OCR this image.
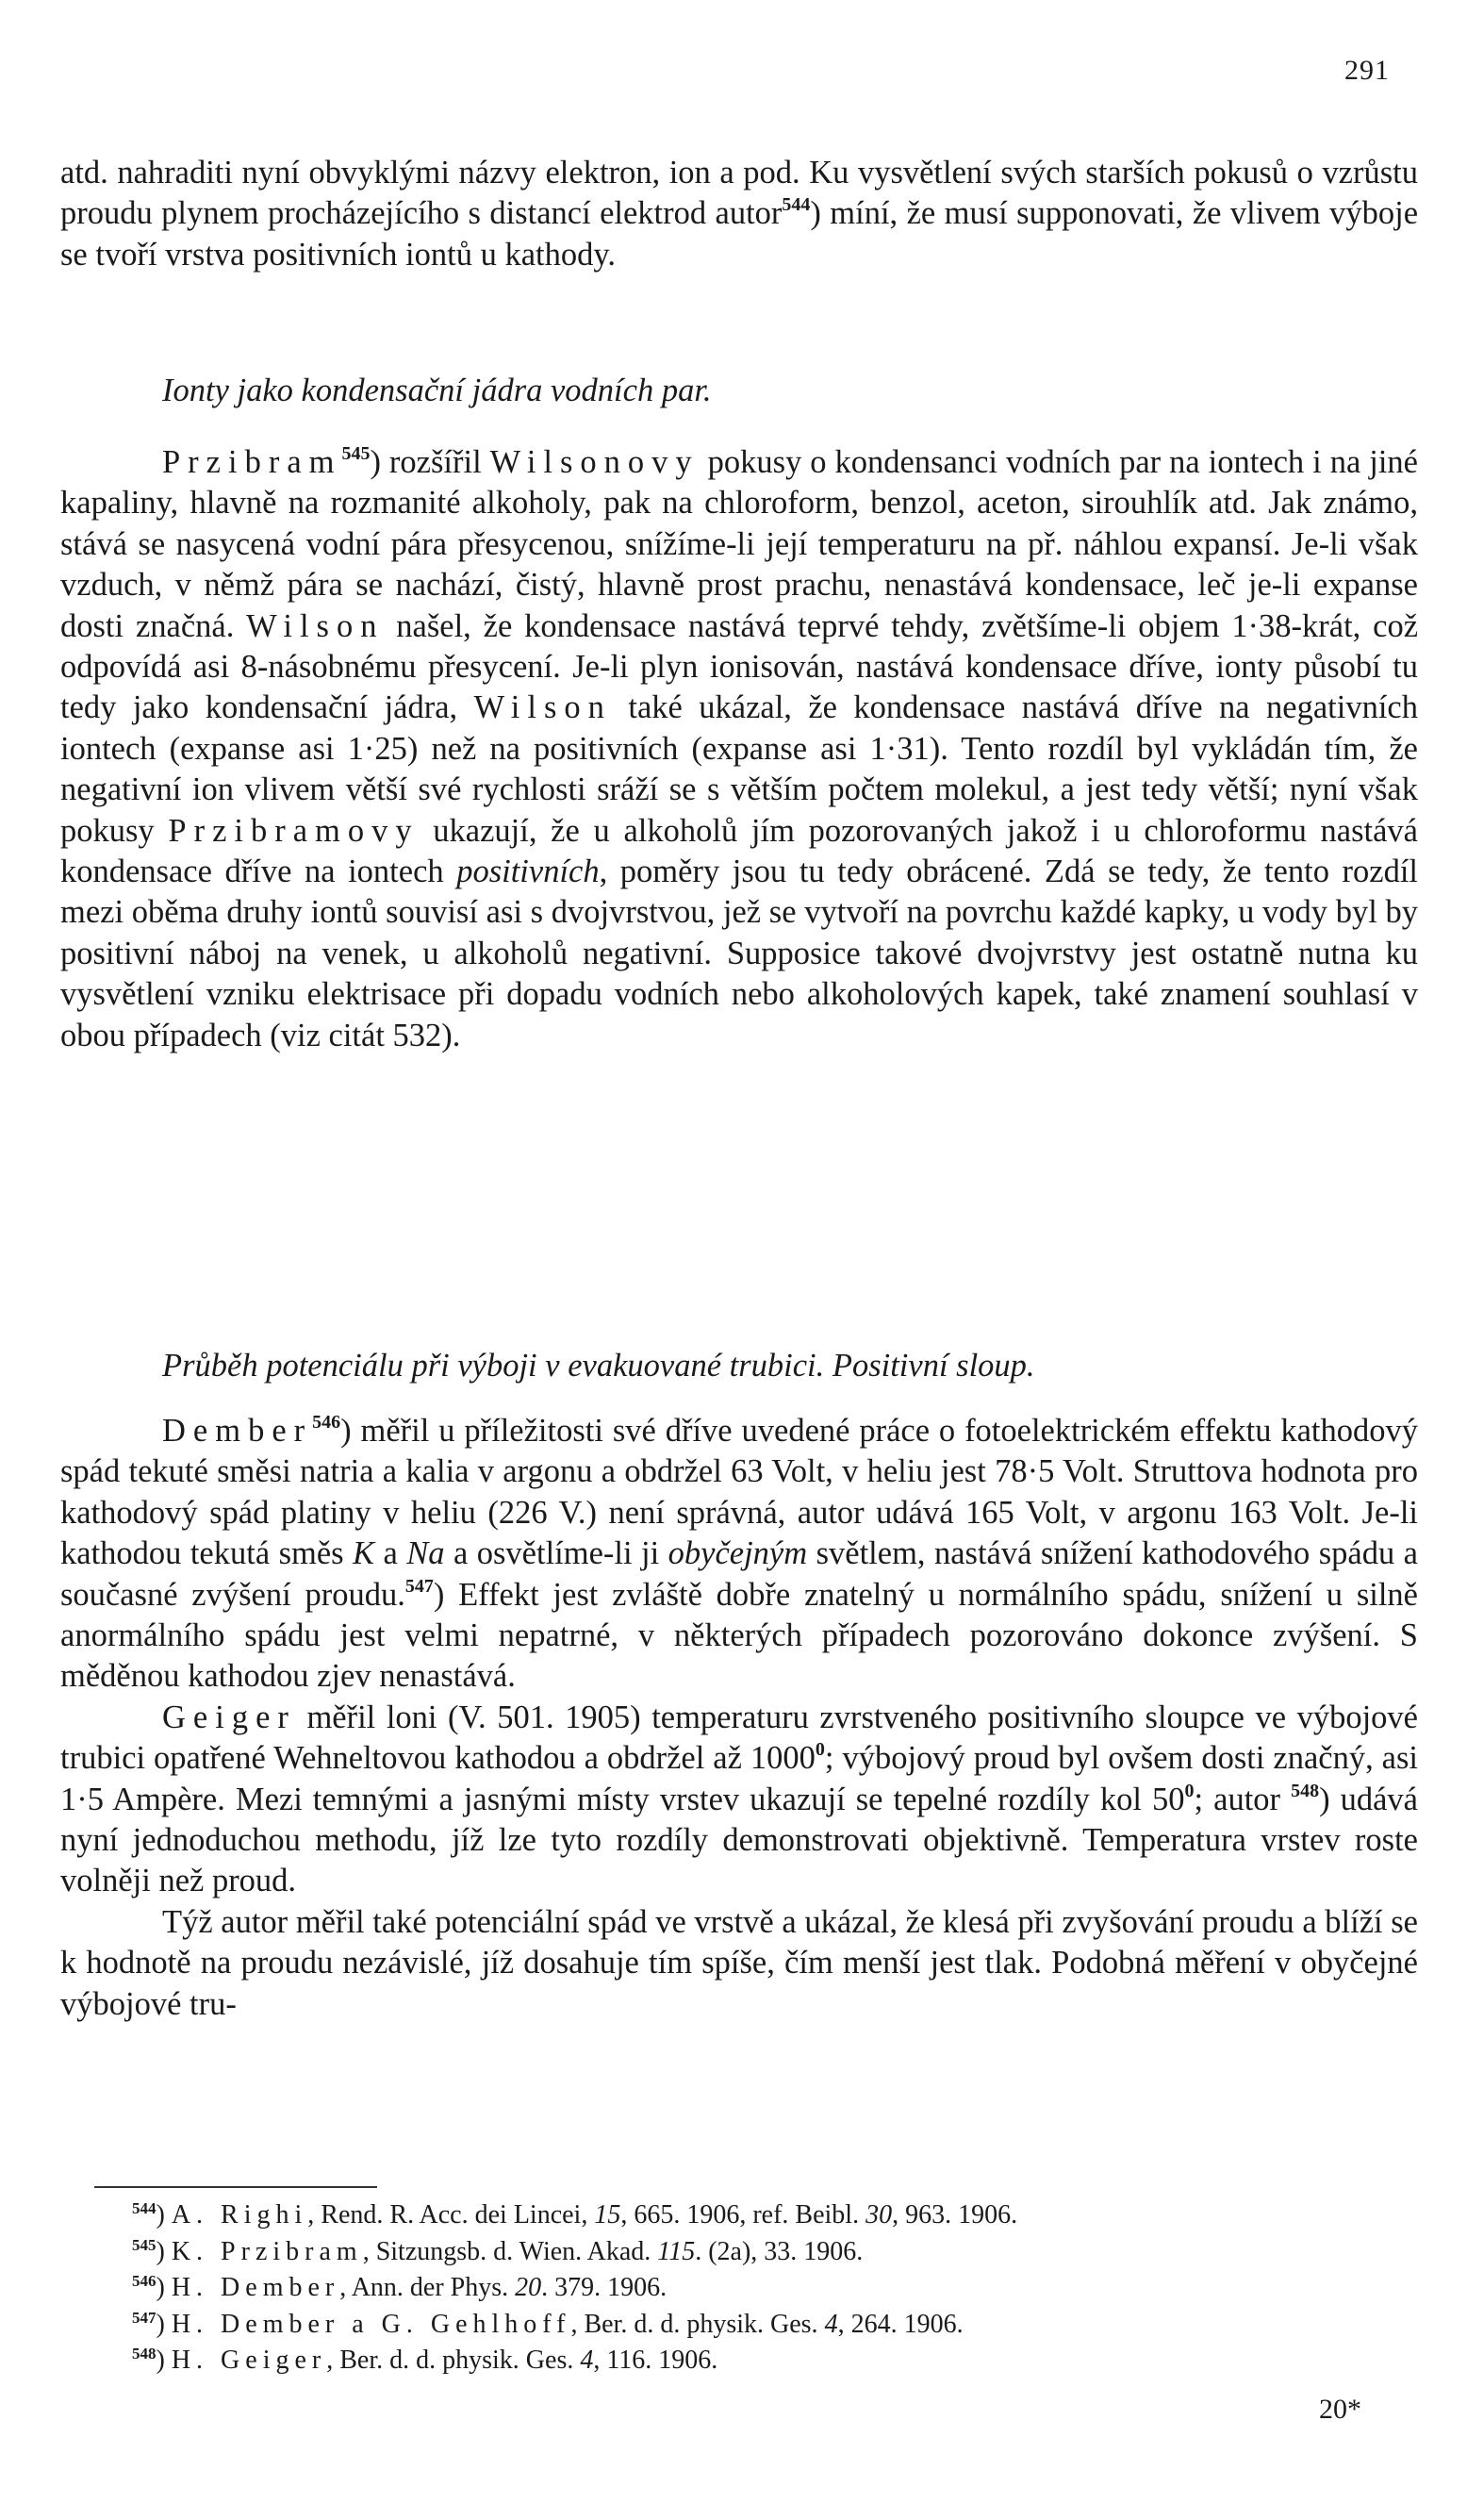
291

atd. nahraditi nyní obvyklými názvy elektron, ion a pod. Ku vysvětlení svých starších pokusů o vzrůstu proudu plynem procházejícího s distancí elektrod autor$^{544}$) míní, že musí supponovati, že vlivem výboje se tvoří vrstva positivních iontů u kathody.

Ionty jako kondensační jádra vodních par.

Przibram$^{545}$) rozšířil Wilsonovy pokusy o kondensanci vodních par na iontech i na jiné kapaliny, hlavně na rozmanité alkoholy, pak na chloroform, benzol, aceton, sirouhlík atd. Jak známo, stává se nasycená vodní pára přesycenou, snížíme-li její temperaturu na př. náhlou expansí. Je-li však vzduch, v němž pára se nachází, čistý, hlavně prost prachu, nenastává kondensace, leč je-li expanse dosti značná. Wilson našel, že kondensace nastává teprvé tehdy, zvětšíme-li objem 1·38-krát, což odpovídá asi 8-násobnému přesycení. Je-li plyn ionisován, nastává kondensace dříve, ionty působí tu tedy jako kondensační jádra, Wilson také ukázal, že kondensace nastává dříve na negativních iontech (expanse asi 1·25) než na positivních (expanse asi 1·31). Tento rozdíl byl vykládán tím, že negativní ion vlivem větší své rychlosti sráží se s větším počtem molekul, a jest tedy větší; nyní však pokusy Przibramovy ukazují, že u alkoholů jím pozorovaných jakož i u chloroformu nastává kondensace dříve na iontech positivních, poměry jsou tu tedy obrácené. Zdá se tedy, že tento rozdíl mezi oběma druhy iontů souvisí asi s dvojvrstvou, jež se vytvoří na povrchu každé kapky, u vody byl by positivní náboj na venek, u alkoholů negativní. Supposice takové dvojvrstvy jest ostatně nutna ku vysvětlení vzniku elektrisace při dopadu vodních nebo alkoholových kapek, také znamení souhlasí v obou případech (viz citát 532).

Průběh potenciálu při výboji v evakuované trubici. Positivní sloup.

Dember$^{546}$) měřil u příležitosti své dříve uvedené práce o fotoelektrickém effektu kathodový spád tekuté směsi natria a kalia v argonu a obdržel 63 Volt, v heliu jest 78·5 Volt. Struttova hodnota pro kathodový spád platiny v heliu (226 V.) není správná, autor udává 165 Volt, v argonu 163 Volt. Je-li kathodou tekutá směs K a Na a osvětlíme-li ji obyčejným světlem, nastává snížení kathodového spádu a současné zvýšení proudu.$^{547}$) Effekt jest zvláště dobře znatelný u normálního spádu, snížení u silně anormálního spádu jest velmi nepatrné, v některých případech pozorováno dokonce zvýšení. S měděnou kathodou zjev nenastává.

Geiger měřil loni (V. 501. 1905) temperaturu zvrstveného positivního sloupce ve výbojové trubici opatřené Wehneltovou kathodou a obdržel až 1000$^0$; výbojový proud byl ovšem dosti značný, asi 1·5 Ampère. Mezi temnými a jasnými místy vrstev ukazují se tepelné rozdíly kol $50^0$; autor $^{548}$) udává nyní jednoduchou methodu, jíž lze tyto rozdíly demonstrovati objektivně. Temperatura vrstev roste volněji než proud.

Týž autor měřil také potenciální spád ve vrstvě a ukázal, že klesá při zvyšování proudu a blíží se k hodnotě na proudu nezávislé, jíž dosahuje tím spíše, čím menší jest tlak. Podobná měření v obyčejné výbojové tru-

$^{544}$) A. Righi, Rend. R. Acc. dei Lincei, 15, 665. 1906, ref. Beibl. 30, 963. 1906.
$^{545}$) K. Przibram, Sitzungsb. d. Wien. Akad. 115. (2a), 33. 1906.
$^{546}$) H. Dember, Ann. der Phys. 20. 379. 1906.
$^{547}$) H. Dember a G. Gehlhoff, Ber. d. d. physik. Ges. 4, 264. 1906.
$^{548}$) H. Geiger, Ber. d. d. physik. Ges. 4, 116. 1906.
20*
